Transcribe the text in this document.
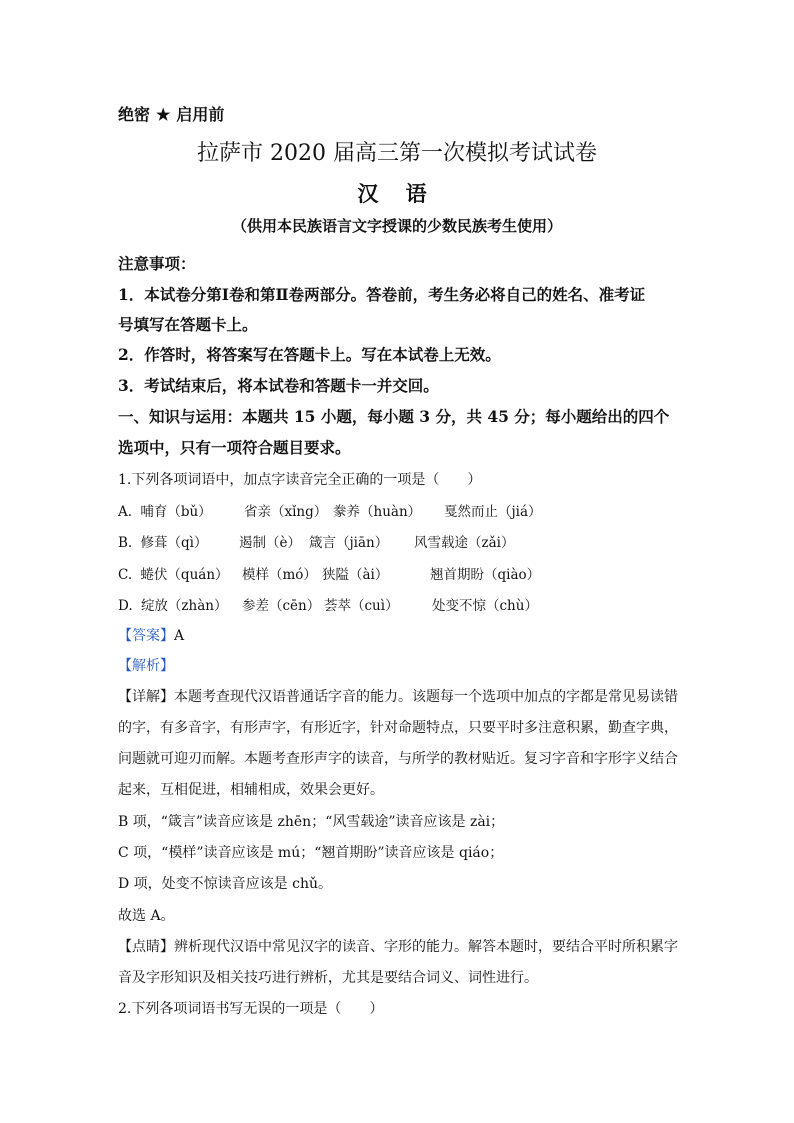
绝密 ★ 启用前
拉萨市 2020 届高三第一次模拟考试试卷
汉 语
（供用本民族语言文字授课的少数民族考生使用）
注意事项：
1．本试卷分第Ⅰ卷和第Ⅱ卷两部分。答卷前，考生务必将自己的姓名、准考证
号填写在答题卡上。
2．作答时，将答案写在答题卡上。写在本试卷上无效。
3．考试结束后，将本试卷和答题卡一并交回。
一、知识与运用：本题共 15 小题，每小题 3 分，共 45 分；每小题给出的四个
选项中，只有一项符合题目要求。
1.下列各项词语中，加点字读音完全正确的一项是（　　）
A. 哺育（bǔ） 省亲（xǐng） 豢养（huàn） 戛然而止（jiá）
B. 修葺（qì） 遏制（è） 箴言（jiān） 风雪载途（zǎi）
C. 蜷伏（quán） 模样（mó） 狭隘（ài）	翘首期盼（qiào）
D. 绽放（zhàn） 参差（cēn） 荟萃（cuì） 处变不惊（chù）
【答案】A
【解析】
【详解】本题考查现代汉语普通话字音的能力。该题每一个选项中加点的字都是常见易读错
的字，有多音字，有形声字，有形近字，针对命题特点，只要平时多注意积累，勤查字典，
问题就可迎刃而解。本题考查形声字的读音，与所学的教材贴近。复习字音和字形字义结合
起来，互相促进，相辅相成，效果会更好。
B 项，“箴言”读音应该是 zhēn；“风雪载途”读音应该是 zài；
C 项，“模样”读音应该是 mú；“翘首期盼”读音应该是 qiáo；
D 项，处变不惊读音应该是 chǔ。
故选 A。
【点睛】辨析现代汉语中常见汉字的读音、字形的能力。解答本题时，要结合平时所积累字
音及字形知识及相关技巧进行辨析，尤其是要结合词义、词性进行。
2.下列各项词语书写无误的一项是（　　）
